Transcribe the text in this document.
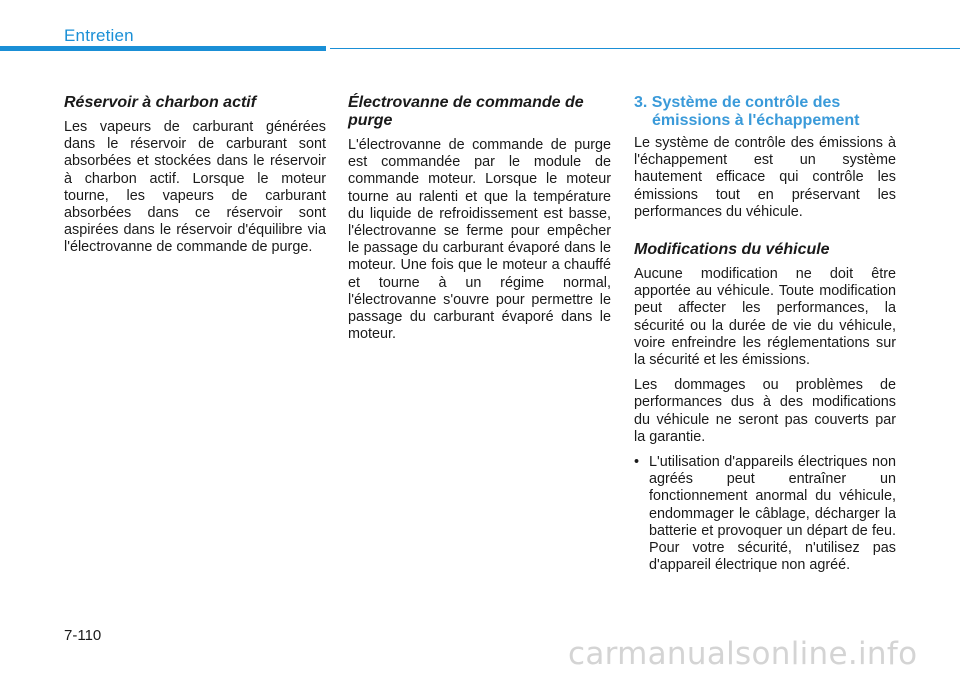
Entretien
Réservoir à charbon actif

Les vapeurs de carburant générées dans le réservoir de carburant sont absorbées et stockées dans le réservoir à charbon actif. Lorsque le moteur tourne, les vapeurs de carburant absorbées dans ce réservoir sont aspirées dans le réservoir d'équilibre via l'électrovanne de commande de purge.

Électrovanne de commande de purge

L'électrovanne de commande de purge est commandée par le module de commande moteur. Lorsque le moteur tourne au ralenti et que la température du liquide de refroidissement est basse, l'électrovanne se ferme pour empêcher le passage du carburant évaporé dans le moteur. Une fois que le moteur a chauffé et tourne à un régime normal, l'électrovanne s'ouvre pour permettre le passage du carburant évaporé dans le moteur.

3. Système de contrôle des
émissions à l'échappement

Le système de contrôle des émissions à l'échappement est un système hautement efficace qui contrôle les émissions tout en préservant les performances du véhicule.

Modifications du véhicule

Aucune modification ne doit être apportée au véhicule. Toute modification peut affecter les performances, la sécurité ou la durée de vie du véhicule, voire enfreindre les réglementations sur la sécurité et les émissions.

Les dommages ou problèmes de performances dus à des modifications du véhicule ne seront pas couverts par la garantie.

• L'utilisation d'appareils électriques non agréés peut entraîner un fonctionnement anormal du véhicule, endommager le câblage, décharger la batterie et provoquer un départ de feu. Pour votre sécurité, n'utilisez pas d'appareil électrique non agréé.
7-110
carmanualsonline.info
